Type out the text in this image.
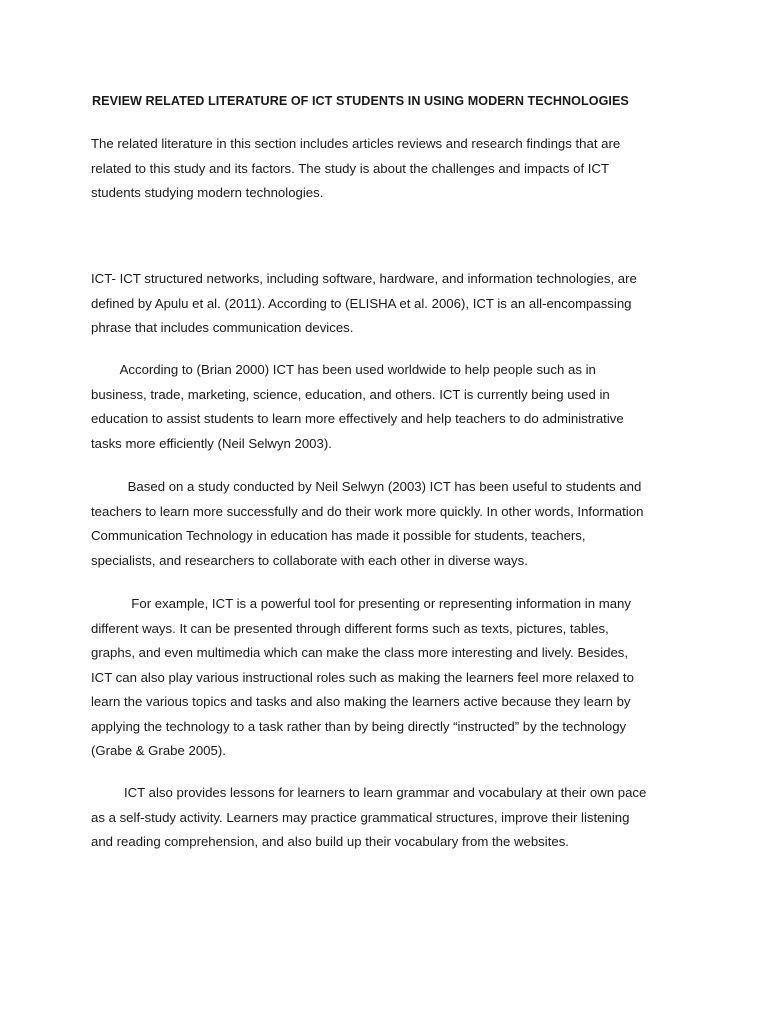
REVIEW RELATED LITERATURE OF ICT STUDENTS IN USING MODERN TECHNOLOGIES
The related literature in this section includes articles reviews and research findings that are
related to this study and its factors. The study is about the challenges and impacts of ICT
students studying modern technologies.
ICT- ICT structured networks, including software, hardware, and information technologies, are
defined by Apulu et al. (2011). According to (ELISHA et al. 2006), ICT is an all-encompassing
phrase that includes communication devices.
According to (Brian 2000) ICT has been used worldwide to help people such as in
business, trade, marketing, science, education, and others. ICT is currently being used in
education to assist students to learn more effectively and help teachers to do administrative
tasks more efficiently (Neil Selwyn 2003).
Based on a study conducted by Neil Selwyn (2003) ICT has been useful to students and
teachers to learn more successfully and do their work more quickly. In other words, Information
Communication Technology in education has made it possible for students, teachers,
specialists, and researchers to collaborate with each other in diverse ways.
For example, ICT is a powerful tool for presenting or representing information in many
different ways. It can be presented through different forms such as texts, pictures, tables,
graphs, and even multimedia which can make the class more interesting and lively. Besides,
ICT can also play various instructional roles such as making the learners feel more relaxed to
learn the various topics and tasks and also making the learners active because they learn by
applying the technology to a task rather than by being directly “instructed” by the technology
(Grabe & Grabe 2005).
ICT also provides lessons for learners to learn grammar and vocabulary at their own pace
as a self-study activity. Learners may practice grammatical structures, improve their listening
and reading comprehension, and also build up their vocabulary from the websites.
